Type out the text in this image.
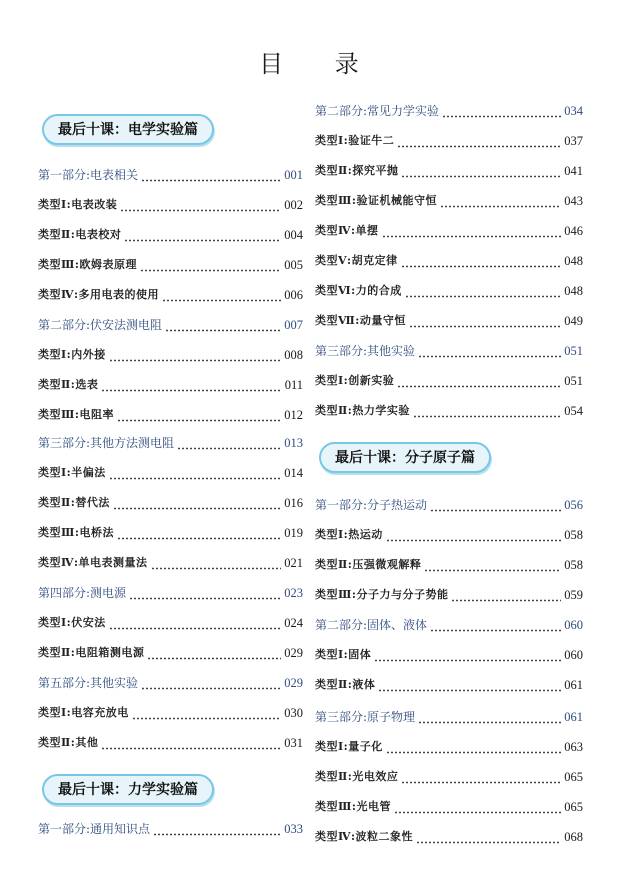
目 录
最后十课：电学实验篇
第一部分:电表相关	001
类型Ⅰ:电表改装	002
类型Ⅱ:电表校对	004
类型Ⅲ:欧姆表原理	005
类型Ⅳ:多用电表的使用	006
第二部分:伏安法测电阻	007
类型Ⅰ:内外接	008
类型Ⅱ:选表	011
类型Ⅲ:电阻率	012
第三部分:其他方法测电阻	013
类型Ⅰ:半偏法	014
类型Ⅱ:替代法	016
类型Ⅲ:电桥法	019
类型Ⅳ:单电表测量法	021
第四部分:测电源	023
类型Ⅰ:伏安法	024
类型Ⅱ:电阻箱测电源	029
第五部分:其他实验	029
类型Ⅰ:电容充放电	030
类型Ⅱ:其他	031
最后十课：力学实验篇
第一部分:通用知识点	033
第二部分:常见力学实验	034
类型Ⅰ:验证牛二	037
类型Ⅱ:探究平抛	041
类型Ⅲ:验证机械能守恒	043
类型Ⅳ:单摆	046
类型Ⅴ:胡克定律	048
类型Ⅵ:力的合成	048
类型Ⅶ:动量守恒	049
第三部分:其他实验	051
类型Ⅰ:创新实验	051
类型Ⅱ:热力学实验	054
最后十课：分子原子篇
第一部分:分子热运动	056
类型Ⅰ:热运动	058
类型Ⅱ:压强微观解释	058
类型Ⅲ:分子力与分子势能	059
第二部分:固体、液体	060
类型Ⅰ:固体	060
类型Ⅱ:液体	061
第三部分:原子物理	061
类型Ⅰ:量子化	063
类型Ⅱ:光电效应	065
类型Ⅲ:光电管	065
类型Ⅳ:波粒二象性	068
